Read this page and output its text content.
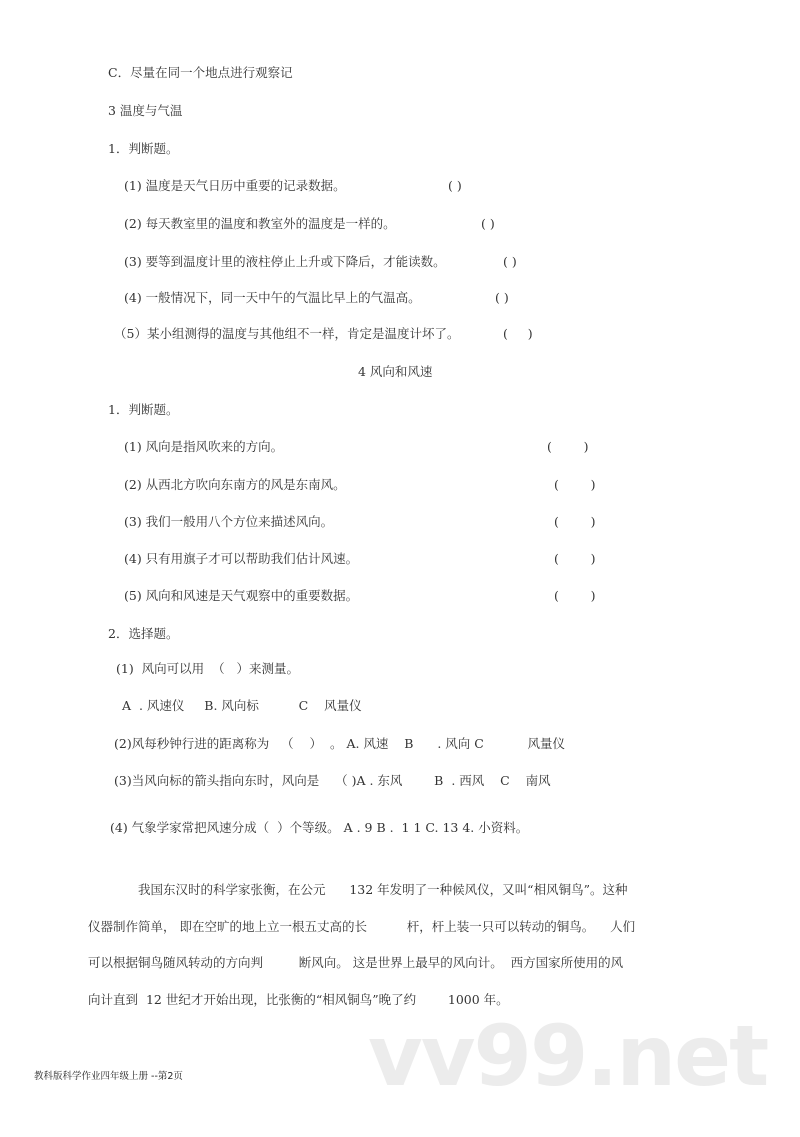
C．尽量在同一个地点进行观察记
3 温度与气温
1．判断题。
(1) 温度是天气日历中重要的记录数据。	( )
(2) 每天教室里的温度和教室外的温度是一样的。	( )
(3) 要等到温度计里的液柱停止上升或下降后，才能读数。	( )
(4) 一般情况下，同一天中午的气温比早上的气温高。	( )
（5）某小组测得的温度与其他组不一样，肯定是温度计坏了。	(     )
4 风向和风速
1．判断题。
(1) 风向是指风吹来的方向。	(        )
(2) 从西北方吹向东南方的风是东南风。	(        )
(3) 我们一般用八个方位来描述风向。	(        )
(4) 只有用旗子才可以帮助我们估计风速。	(        )
(5) 风向和风速是天气观察中的重要数据。	(        )
2．选择题。
(1)  风向可以用  （   ）来测量。
A  . 风速仪     B. 风向标          C    风量仪
(2)风每秒钟行进的距离称为   （    ）  。 A. 风速    B      . 风向 C           风量仪
(3)当风向标的箭头指向东时，风向是    （ )A . 东风        B  . 西风    C    南风
(4) 气象学家常把风速分成（  ）个等级。 A . 9 B .  1 1 C. 13 4. 小资料。
我国东汉时的科学家张衡，在公元      132 年发明了一种候风仪，又叫“相风铜鸟”。这种
仪器制作简单， 即在空旷的地上立一根五丈高的长          杆，杆上装一只可以转动的铜鸟。    人们
可以根据铜鸟随风转动的方向判         断风向。 这是世界上最早的风向计。  西方国家所使用的风
向计直到  12 世纪才开始出现，比张衡的“相风铜鸟”晚了约        1000 年。
vv99.net
教科版科学作业四年级上册 --第2页
